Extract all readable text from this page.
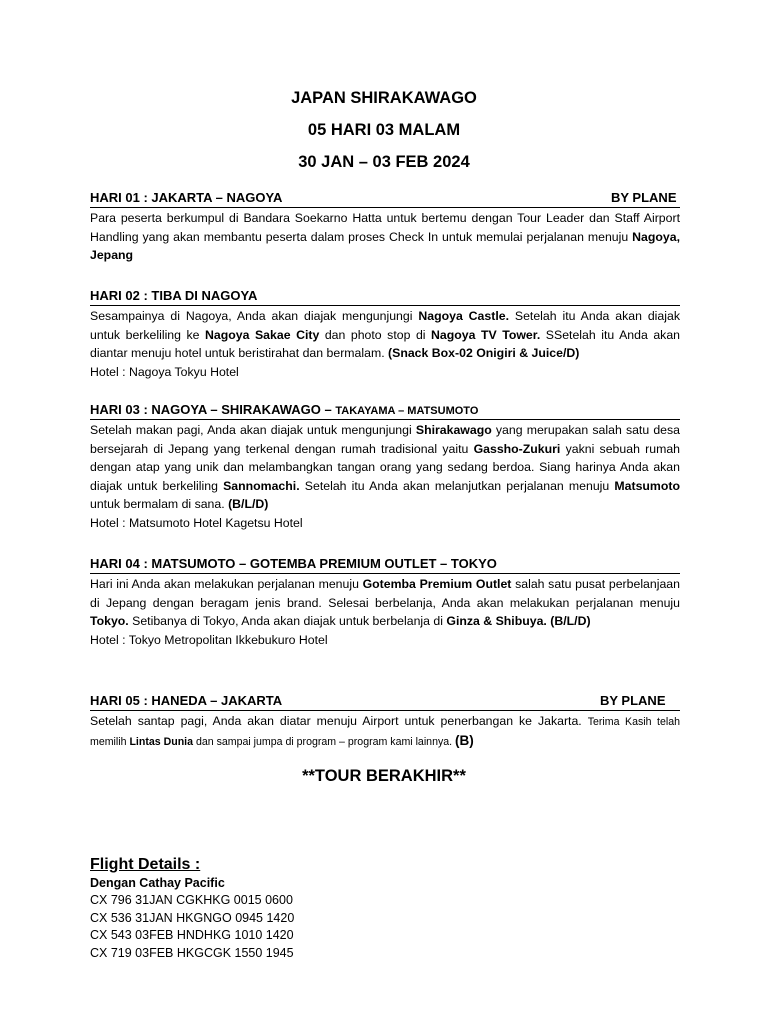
JAPAN SHIRAKAWAGO
05 HARI 03 MALAM
30 JAN – 03 FEB 2024
HARI 01 : JAKARTA – NAGOYA	BY PLANE
Para peserta berkumpul di Bandara Soekarno Hatta untuk bertemu dengan Tour Leader dan Staff Airport Handling yang akan membantu peserta dalam proses Check In untuk memulai perjalanan menuju Nagoya, Jepang
HARI 02 : TIBA DI NAGOYA
Sesampainya di Nagoya, Anda akan diajak mengunjungi Nagoya Castle. Setelah itu Anda akan diajak untuk berkeliling ke Nagoya Sakae City dan photo stop di Nagoya TV Tower. SSetelah itu Anda akan diantar menuju hotel untuk beristirahat dan bermalam. (Snack Box-02 Onigiri & Juice/D)
Hotel : Nagoya Tokyu Hotel
HARI 03 : NAGOYA – SHIRAKAWAGO – TAKAYAMA – MATSUMOTO
Setelah makan pagi, Anda akan diajak untuk mengunjungi Shirakawago yang merupakan salah satu desa bersejarah di Jepang yang terkenal dengan rumah tradisional yaitu Gassho-Zukuri yakni sebuah rumah dengan atap yang unik dan melambangkan tangan orang yang sedang berdoa. Siang harinya Anda akan diajak untuk berkeliling Sannomachi. Setelah itu Anda akan melanjutkan perjalanan menuju Matsumoto untuk bermalam di sana. (B/L/D)
Hotel : Matsumoto Hotel Kagetsu Hotel
HARI 04 : MATSUMOTO – GOTEMBA PREMIUM OUTLET – TOKYO
Hari ini Anda akan melakukan perjalanan menuju Gotemba Premium Outlet salah satu pusat perbelanjaan di Jepang dengan beragam jenis brand. Selesai berbelanja, Anda akan melakukan perjalanan menuju Tokyo. Setibanya di Tokyo, Anda akan diajak untuk berbelanja di Ginza & Shibuya. (B/L/D)
Hotel : Tokyo Metropolitan Ikkebukuro Hotel
HARI 05 : HANEDA – JAKARTA	BY PLANE
Setelah santap pagi, Anda akan diatar menuju Airport untuk penerbangan ke Jakarta. Terima Kasih telah memilih Lintas Dunia dan sampai jumpa di program – program kami lainnya. (B)
**TOUR BERAKHIR**
Flight Details :
Dengan Cathay Pacific
CX 796 31JAN CGKHKG 0015 0600
CX 536 31JAN HKGNGO 0945 1420
CX 543 03FEB HNDHKG 1010 1420
CX 719 03FEB HKGCGK 1550 1945
